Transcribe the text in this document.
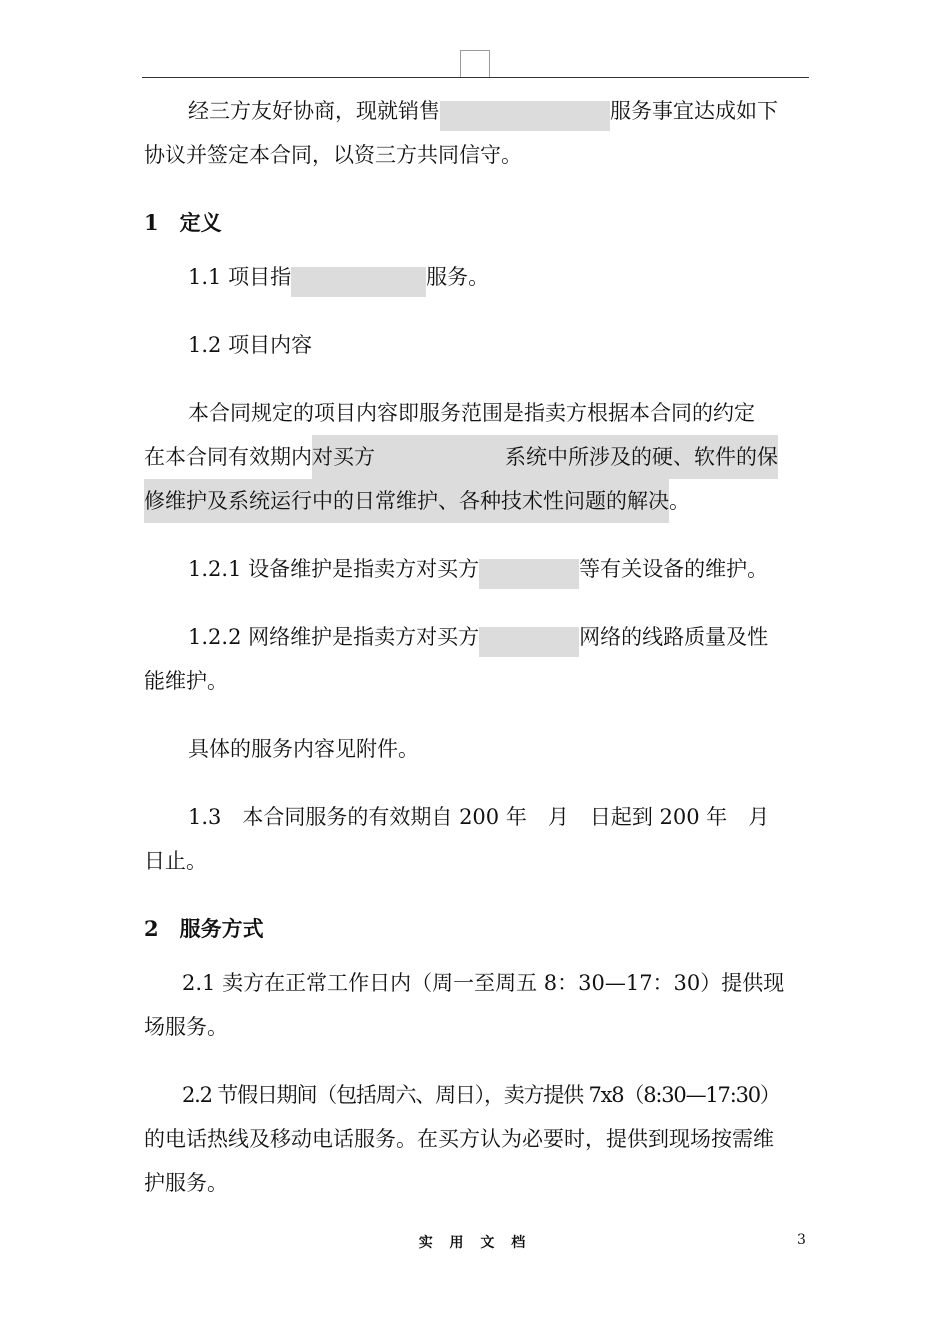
经三方友好协商，现就销售	服务事宜达成如下
协议并签定本合同，以资三方共同信守。
1　定义
1.1 项目指	服务。
1.2 项目内容
本合同规定的项目内容即服务范围是指卖方根据本合同的约定
在本合同有效期内对买方	系统中所涉及的硬、软件的保
修维护及系统运行中的日常维护、各种技术性问题的解决。
1.2.1 设备维护是指卖方对买方	等有关设备的维护。
1.2.2 网络维护是指卖方对买方	网络的线路质量及性
能维护。
具体的服务内容见附件。
1.3　本合同服务的有效期自 200 年　月　日起到 200 年　月
日止。
2　服务方式
2.1 卖方在正常工作日内（周一至周五 8：30—17：30）提供现
场服务。
2.2 节假日期间（包括周六、周日），卖方提供 7x8（8:30—17:30）
的电话热线及移动电话服务。在买方认为必要时，提供到现场按需维
护服务。
实 用 文 档	3
